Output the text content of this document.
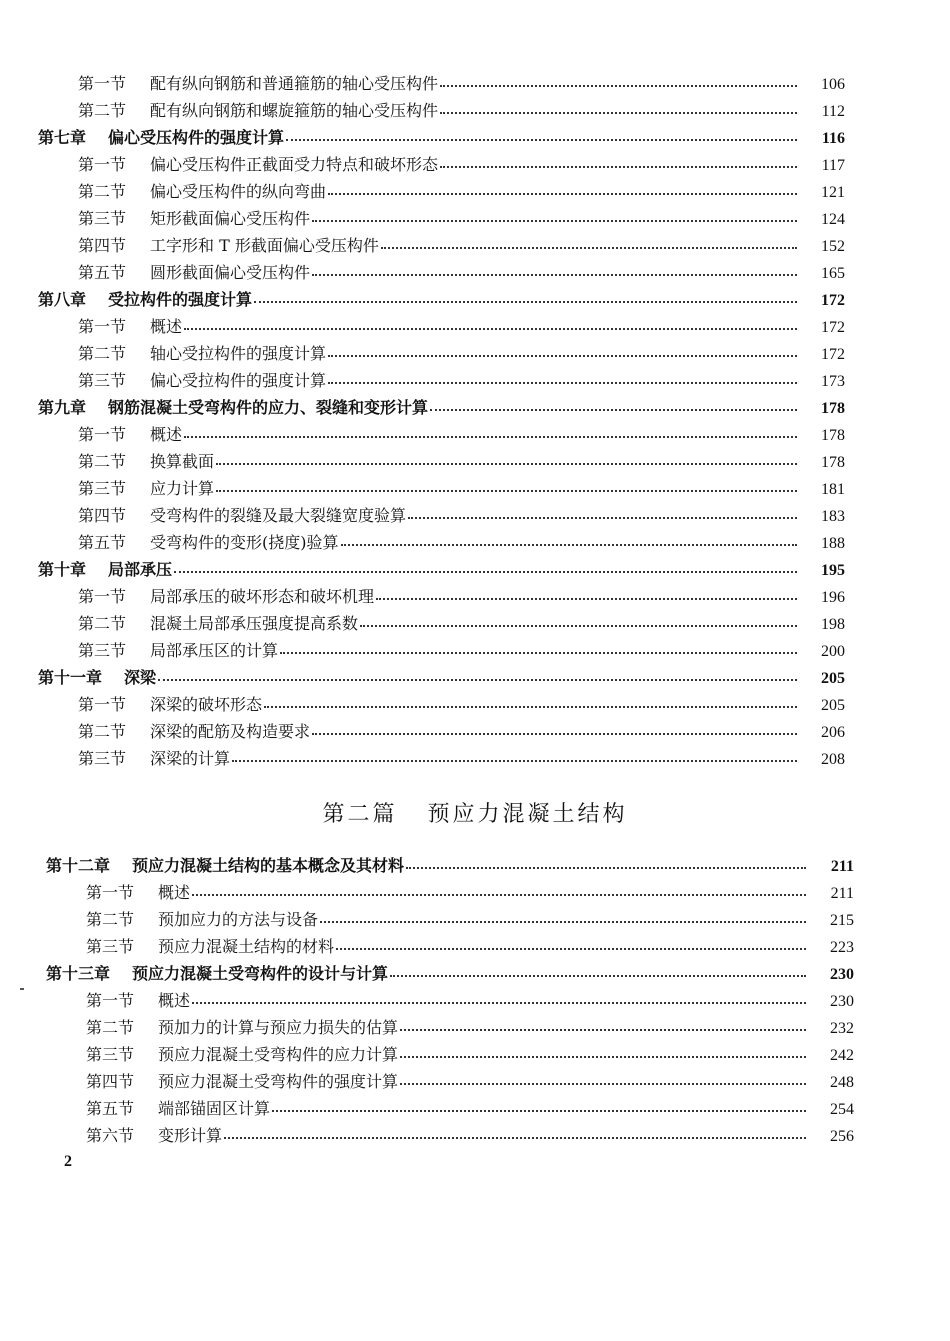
第一节 配有纵向钢筋和普通箍筋的轴心受压构件	106
第二节 配有纵向钢筋和螺旋箍筋的轴心受压构件	112
第七章 偏心受压构件的强度计算	116
第一节 偏心受压构件正截面受力特点和破坏形态	117
第二节 偏心受压构件的纵向弯曲	121
第三节 矩形截面偏心受压构件	124
第四节 工字形和 T 形截面偏心受压构件	152
第五节 圆形截面偏心受压构件	165
第八章 受拉构件的强度计算	172
第一节 概述	172
第二节 轴心受拉构件的强度计算	172
第三节 偏心受拉构件的强度计算	173
第九章 钢筋混凝土受弯构件的应力、裂缝和变形计算	178
第一节 概述	178
第二节 换算截面	178
第三节 应力计算	181
第四节 受弯构件的裂缝及最大裂缝宽度验算	183
第五节 受弯构件的变形(挠度)验算	188
第十章 局部承压	195
第一节 局部承压的破坏形态和破坏机理	196
第二节 混凝土局部承压强度提高系数	198
第三节 局部承压区的计算	200
第十一章 深梁	205
第一节 深梁的破坏形态	205
第二节 深梁的配筋及构造要求	206
第三节 深梁的计算	208
第二篇 预应力混凝土结构
第十二章 预应力混凝土结构的基本概念及其材料	211
第一节 概述	211
第二节 预加应力的方法与设备	215
第三节 预应力混凝土结构的材料	223
第十三章 预应力混凝土受弯构件的设计与计算	230
第一节 概述	230
第二节 预加力的计算与预应力损失的估算	232
第三节 预应力混凝土受弯构件的应力计算	242
第四节 预应力混凝土受弯构件的强度计算	248
第五节 端部锚固区计算	254
第六节 变形计算	256
2
